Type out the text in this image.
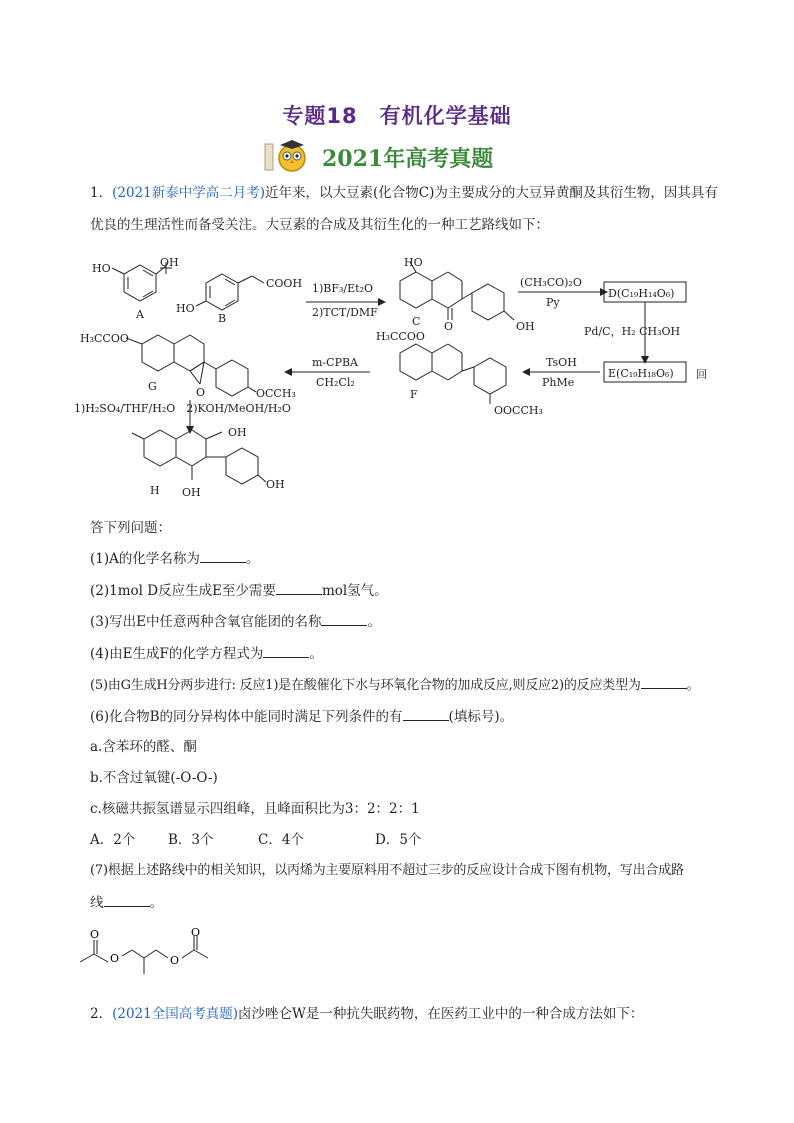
专题18　有机化学基础
2021年高考真题
1．(2021新泰中学高二月考)近年来，以大豆素(化合物C)为主要成分的大豆异黄酮及其衍生物，因其具有
优良的生理活性而备受关注。大豆素的合成及其衍生化的一种工艺路线如下：
HO	OH
A	HO
COOH
B
1)BF₃/Et₂O
2)TCT/DMF
HO
O
C	OH
(CH₃CO)₂O
Py
D(C₁₉H₁₄O₆)
Pd/C，H₂ CH₃OH
E(C₁₉H₁₈O₆) 回
TsOH
PhMe
H₃CCOO
F
OOCCH₃
m-CPBA
CH₂Cl₂
H₃CCOO
G	O	OCCH₃
1)H₂SO₄/THF/H₂O　2)KOH/MeOH/H₂O
OH
H OH
OH
答下列问题：
(1)A的化学名称为	。
(2)1mol D反应生成E至少需要	mol氢气。
(3)写出E中任意两种含氧官能团的名称	。
(4)由E生成F的化学方程式为	。
(5)由G生成H分两步进行: 反应1)是在酸催化下水与环氧化合物的加成反应,则反应2)的反应类型为	。
(6)化合物B的同分异构体中能同时满足下列条件的有	(填标号)。
a.含苯环的醛、酮
b.不含过氧键(-O-O-)
c.核磁共振氢谱显示四组峰，且峰面积比为3：2：2：1
A．2个 B．3个	C．4个	D．5个
(7)根据上述路线中的相关知识，以丙烯为主要原料用不超过三步的反应设计合成下图有机物，写出合成路
线	。
O
O	O
O
2．(2021全国高考真题)卤沙唑仑W是一种抗失眠药物，在医药工业中的一种合成方法如下：
